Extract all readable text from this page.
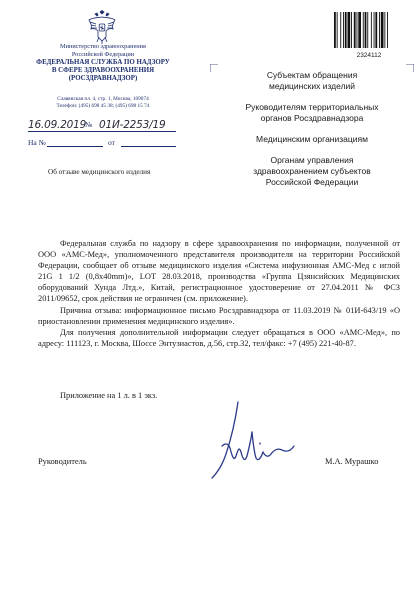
Министерство здравоохранения
Российской Федерации
ФЕДЕРАЛЬНАЯ СЛУЖБА ПО НАДЗОРУ
В СФЕРЕ ЗДРАВООХРАНЕНИЯ
(РОСЗДРАВНАДЗОР)
Славянская пл. 4, стр. 1, Москва, 109074
Телефон: (495) 698 45 38; (495) 698 15 74
16.09.2019
№ 01И-2253/19
На №	от
Об отзыве медицинского изделия
2324112
Субъектам обращения
медицинских изделий
Руководителям территориальных
органов Росздравнадзора
Медицинским организациям
Органам управления
здравоохранением субъектов
Российской Федерации

Федеральная служба по надзору в сфере здравоохранения по информации, полученной от ООО «АМС-Мед», уполномоченного представителя производителя на территории Российской Федерации, сообщает об отзыве медицинского изделия «Система инфузионная АМС-Мед с иглой 21G 1 1/2 (0,8x40mm)», LOT 28.03.2018, производства «Группа Цзянсийских Медицинских оборудований Хунда Лтд.», Китай, регистрационное удостоверение от 27.04.2011 № ФСЗ 2011/09652, срок действия не ограничен (см. приложение).

Причина отзыва: информационное письмо Росздравнадзора от 11.03.2019 № 01И-643/19 «О приостановлении применения медицинского изделия».

Для получения дополнительной информации следует обращаться в ООО «АМС-Мед», по адресу: 111123, г. Москва, Шоссе Энтузиастов, д.56, стр.32, тел/факс: +7 (495) 221-40-87.

Приложение на 1 л. в 1 экз.
Руководитель	М.А. Мурашко
